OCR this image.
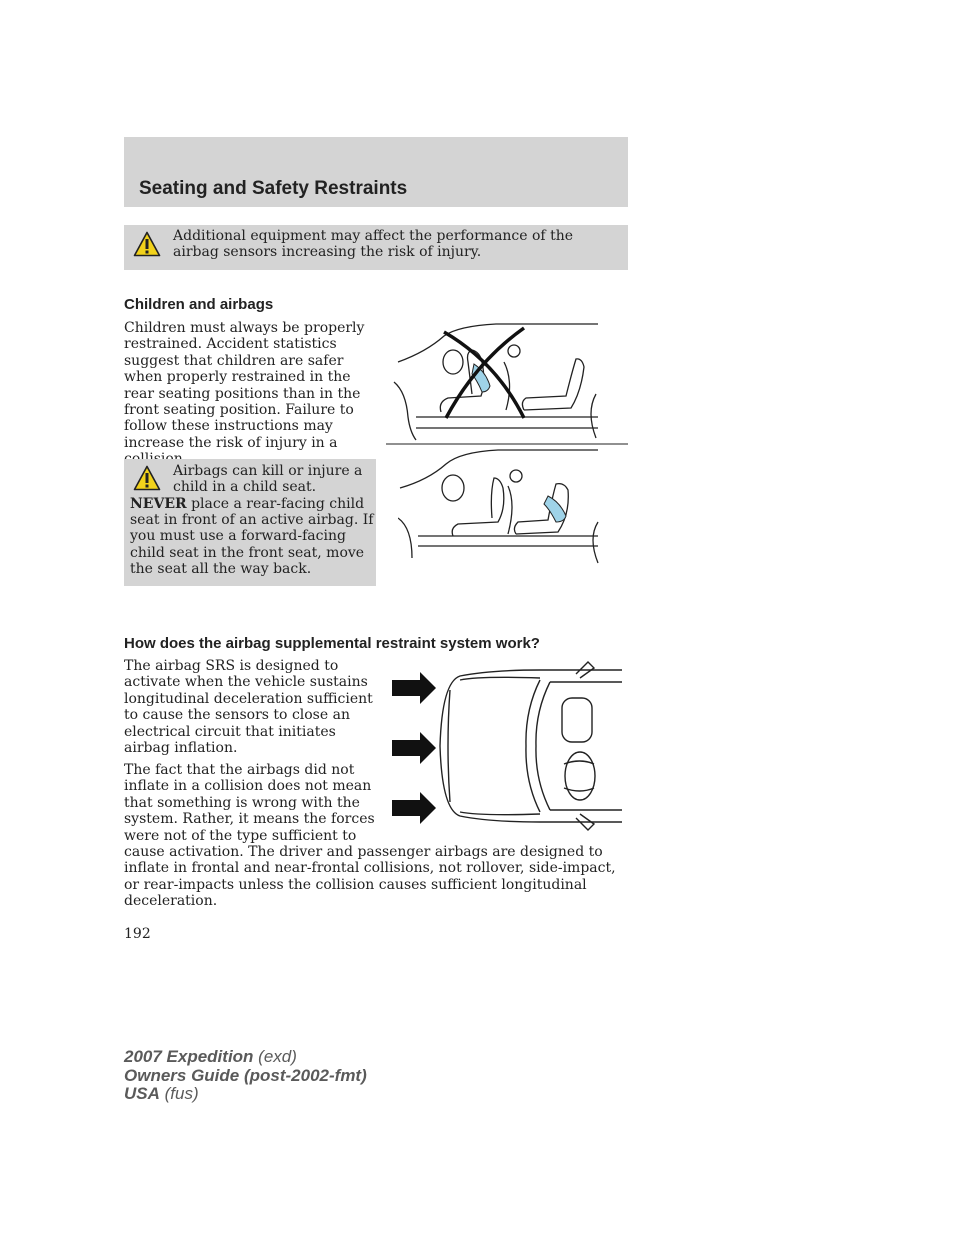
Seating and Safety Restraints
Additional equipment may affect the performance of the airbag sensors increasing the risk of injury.
Children and airbags
Children must always be properly restrained. Accident statistics suggest that children are safer when properly restrained in the rear seating positions than in the front seating position. Failure to follow these instructions may increase the risk of injury in a
Airbags can kill or injure a
child in a child seat.
NEVER place a rear-facing child
seat in front of an active airbag. If
you must use a forward-facing
child seat in the front seat, move
the seat all the way back.
How does the airbag supplemental restraint system work?
The airbag SRS is designed to activate when the vehicle sustains longitudinal deceleration sufficient to cause the sensors to close an electrical circuit that initiates airbag inflation.
The fact that the airbags did not inflate in a collision does not mean that something is wrong with the system. Rather, it means the forces were not of the type sufficient to
cause activation. The driver and passenger airbags are designed to inflate in frontal and near-frontal collisions, not rollover, side-impact, or rear-impacts unless the collision causes sufficient longitudinal deceleration.
192
2007 Expedition (exd)
Owners Guide (post-2002-fmt)
USA (fus)
